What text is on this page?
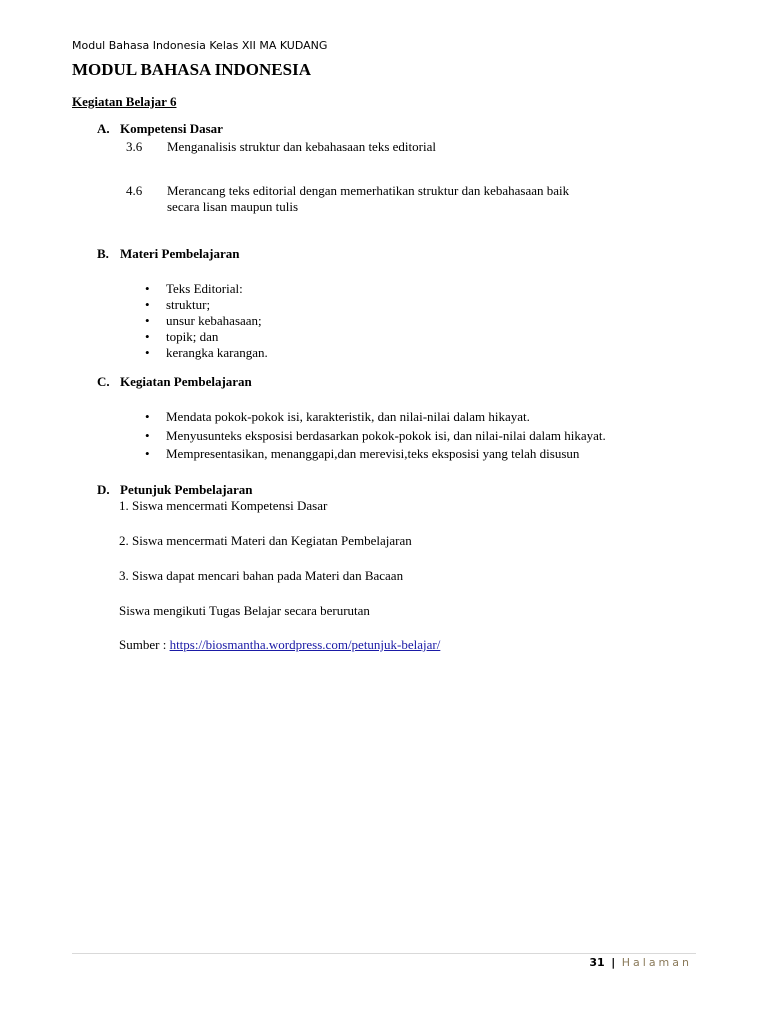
Modul Bahasa Indonesia Kelas XII MA KUDANG
MODUL BAHASA INDONESIA
Kegiatan Belajar 6
A. Kompetensi Dasar
3.6 Menganalisis struktur dan kebahasaan teks editorial
4.6 Merancang teks editorial dengan memerhatikan struktur dan kebahasaan baik
secara lisan maupun tulis
B. Materi Pembelajaran
• Teks Editorial:
• struktur;
• unsur kebahasaan;
• topik; dan
• kerangka karangan.
C. Kegiatan Pembelajaran
• Mendata pokok-pokok isi, karakteristik, dan nilai-nilai dalam hikayat.
• Menyusunteks eksposisi berdasarkan pokok-pokok isi, dan nilai-nilai dalam hikayat.
• Mempresentasikan, menanggapi,dan merevisi,teks eksposisi yang telah disusun
D. Petunjuk Pembelajaran
1. Siswa mencermati Kompetensi Dasar
2. Siswa mencermati Materi dan Kegiatan Pembelajaran
3. Siswa dapat mencari bahan pada Materi dan Bacaan
Siswa mengikuti Tugas Belajar secara berurutan
Sumber : https://biosmantha.wordpress.com/petunjuk-belajar/
31 | Halaman
